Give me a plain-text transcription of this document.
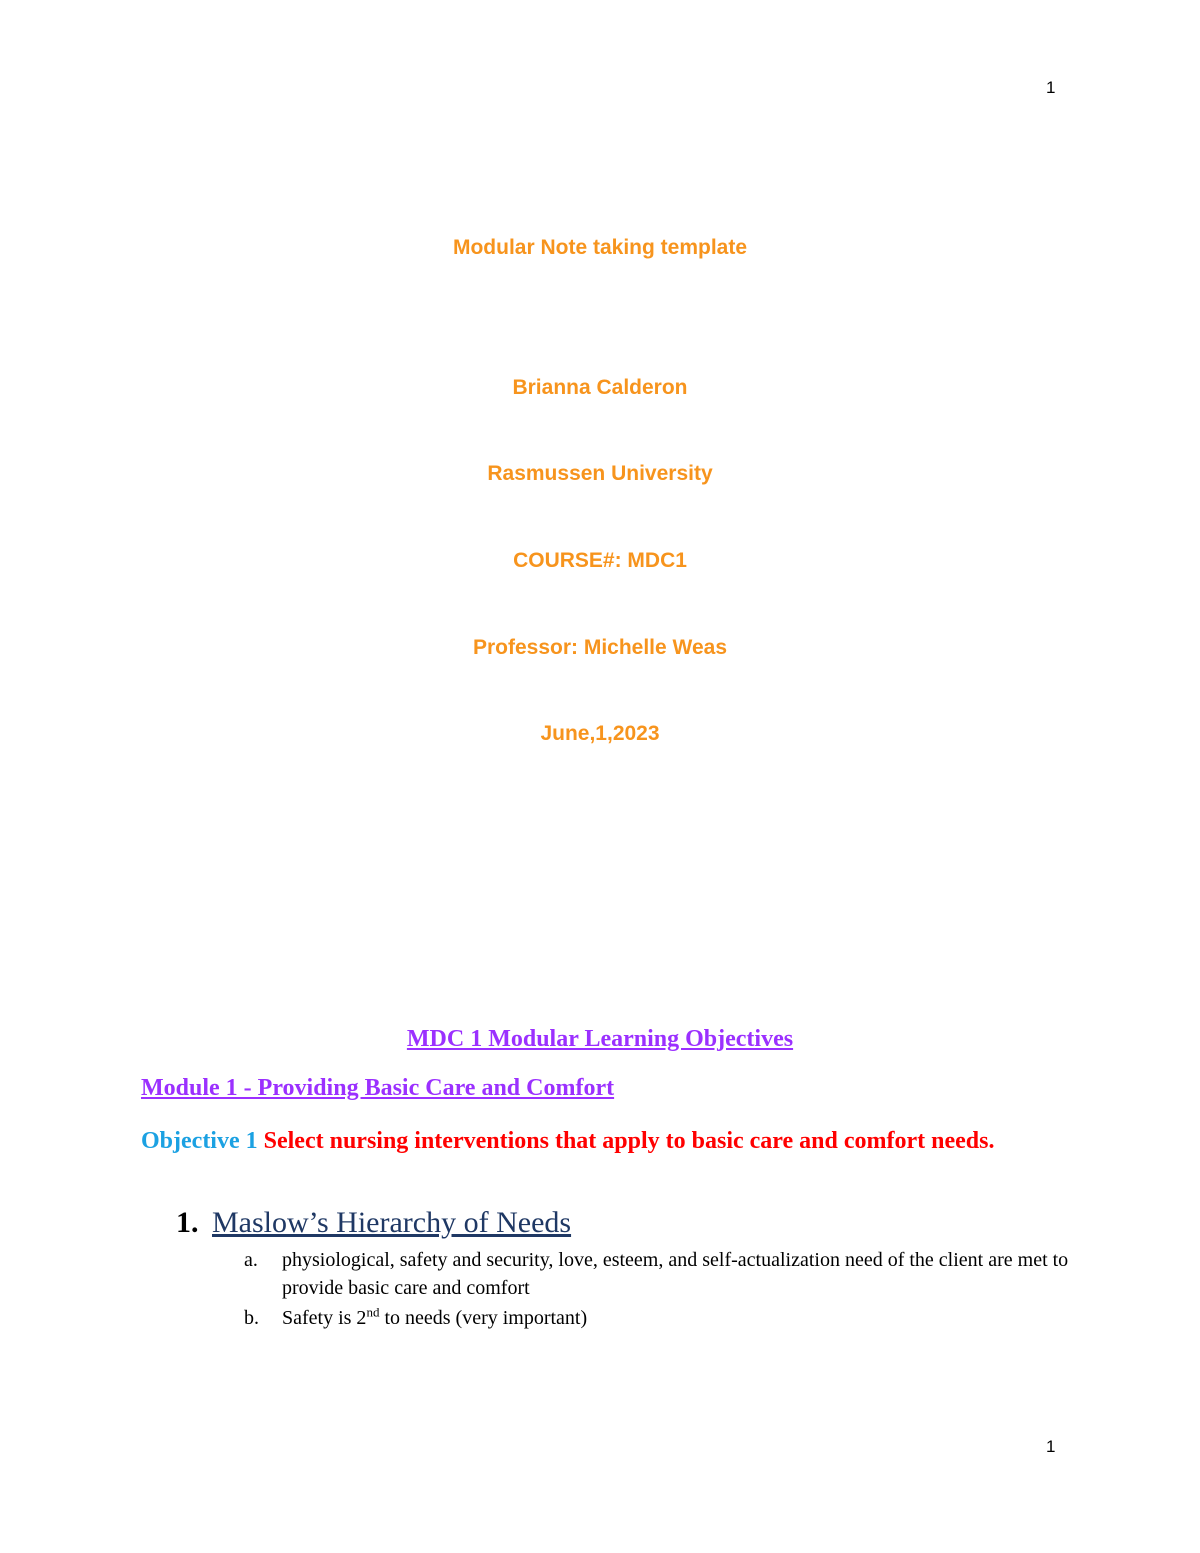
1
Modular Note taking template
Brianna Calderon
Rasmussen University
COURSE#: MDC1
Professor: Michelle Weas
June,1,2023
MDC 1 Modular Learning Objectives
Module 1 - Providing Basic Care and Comfort
Objective 1 Select nursing interventions that apply to basic care and comfort needs.
1. Maslow’s Hierarchy of Needs
a.	physiological, safety and security, love, esteem, and self-actualization need of the client are met to provide basic care and comfort
b.	Safety is 2nd to needs (very important)
1
